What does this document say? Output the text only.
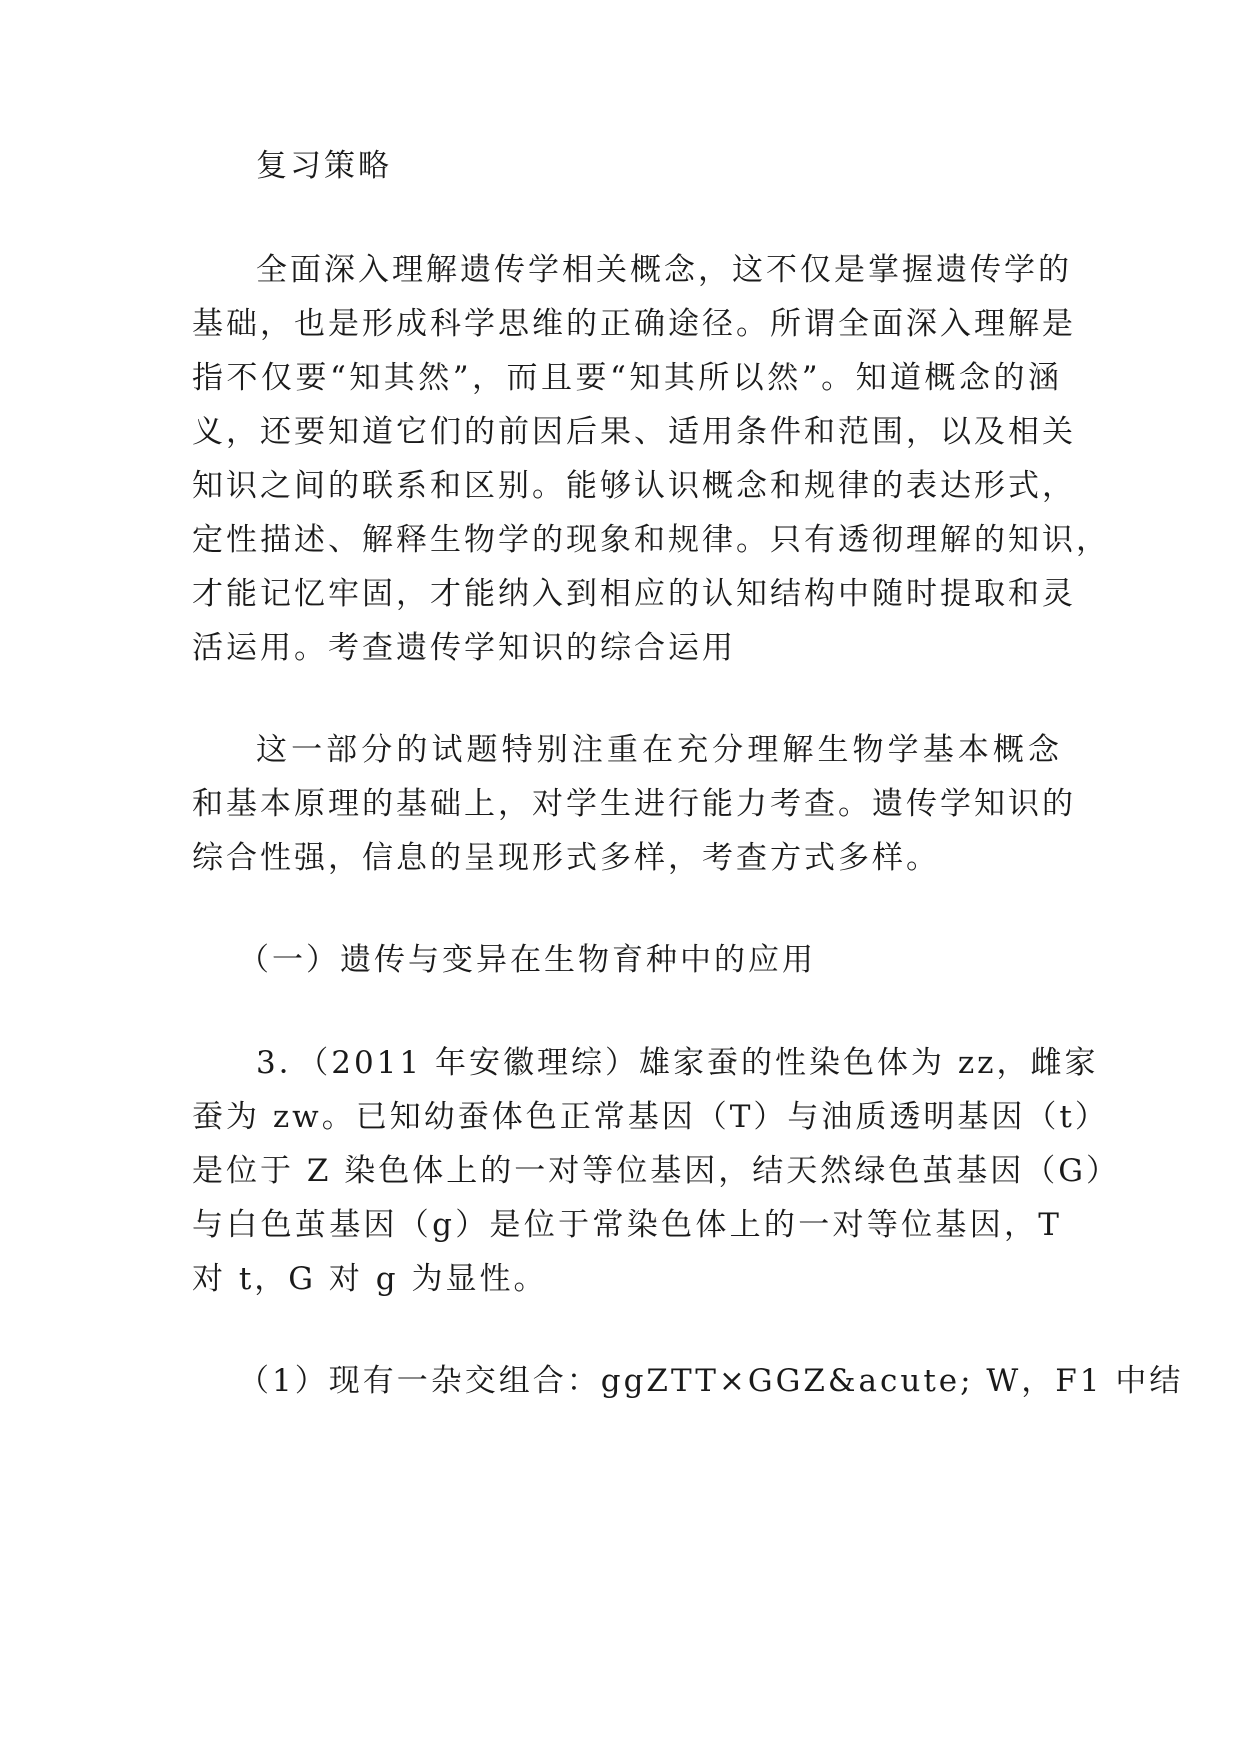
复习策略
全面深入理解遗传学相关概念，这不仅是掌握遗传学的
基础，也是形成科学思维的正确途径。所谓全面深入理解是
指不仅要“知其然”，而且要“知其所以然”。知道概念的涵
义，还要知道它们的前因后果、适用条件和范围，以及相关
知识之间的联系和区别。能够认识概念和规律的表达形式，
定性描述、解释生物学的现象和规律。只有透彻理解的知识，
才能记忆牢固，才能纳入到相应的认知结构中随时提取和灵
活运用。考查遗传学知识的综合运用
这一部分的试题特别注重在充分理解生物学基本概念
和基本原理的基础上，对学生进行能力考查。遗传学知识的
综合性强，信息的呈现形式多样，考查方式多样。
（一）遗传与变异在生物育种中的应用
3．（2011 年安徽理综）雄家蚕的性染色体为 zz，雌家
蚕为 zw。已知幼蚕体色正常基因（T）与油质透明基因（t）
是位于 Z 染色体上的一对等位基因，结天然绿色茧基因（G）
与白色茧基因（g）是位于常染色体上的一对等位基因，T
对 t，G 对 g 为显性。
（1）现有一杂交组合：ggZTT×GGZ&acute; W，F1 中结
